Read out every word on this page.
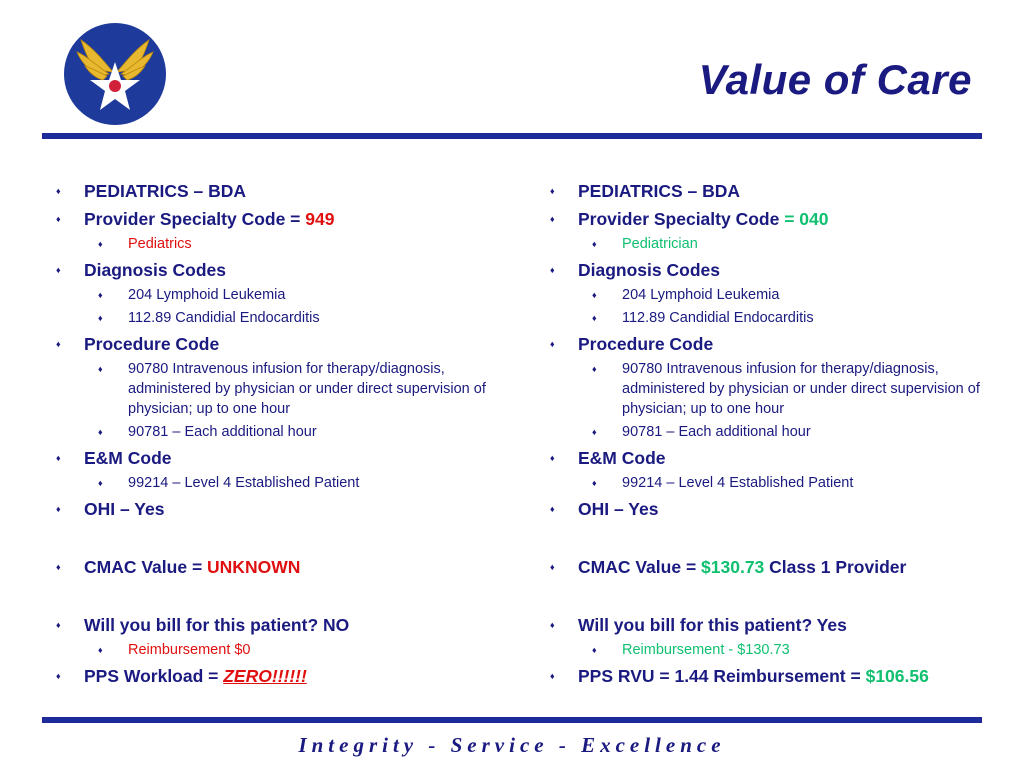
Value of Care
♦ PEDIATRICS – BDA
♦ Provider Specialty Code = 949
♦ Pediatrics
♦ Diagnosis Codes
♦ 204 Lymphoid Leukemia
♦ 112.89 Candidial Endocarditis
♦ Procedure Code
♦ 90780 Intravenous infusion for therapy/diagnosis, administered by physician or under direct supervision of physician; up to one hour
♦ 90781 – Each additional hour
♦ E&M Code
♦ 99214 – Level 4 Established Patient
♦ OHI – Yes
♦ CMAC Value = UNKNOWN
♦ Will you bill for this patient? NO
♦ Reimbursement $0
♦ PPS Workload = ZERO!!!!!!
♦ PEDIATRICS – BDA
♦ Provider Specialty Code = 040
♦ Pediatrician
♦ Diagnosis Codes
♦ 204 Lymphoid Leukemia
♦ 112.89 Candidial Endocarditis
♦ Procedure Code
♦ 90780 Intravenous infusion for therapy/diagnosis, administered by physician or under direct supervision of physician; up to one hour
♦ 90781 – Each additional hour
♦ E&M Code
♦ 99214 – Level 4 Established Patient
♦ OHI – Yes
♦ CMAC Value = $130.73 Class 1 Provider
♦ Will you bill for this patient? Yes
♦ Reimbursement - $130.73
♦ PPS RVU = 1.44 Reimbursement = $106.56
Integrity - Service - Excellence
